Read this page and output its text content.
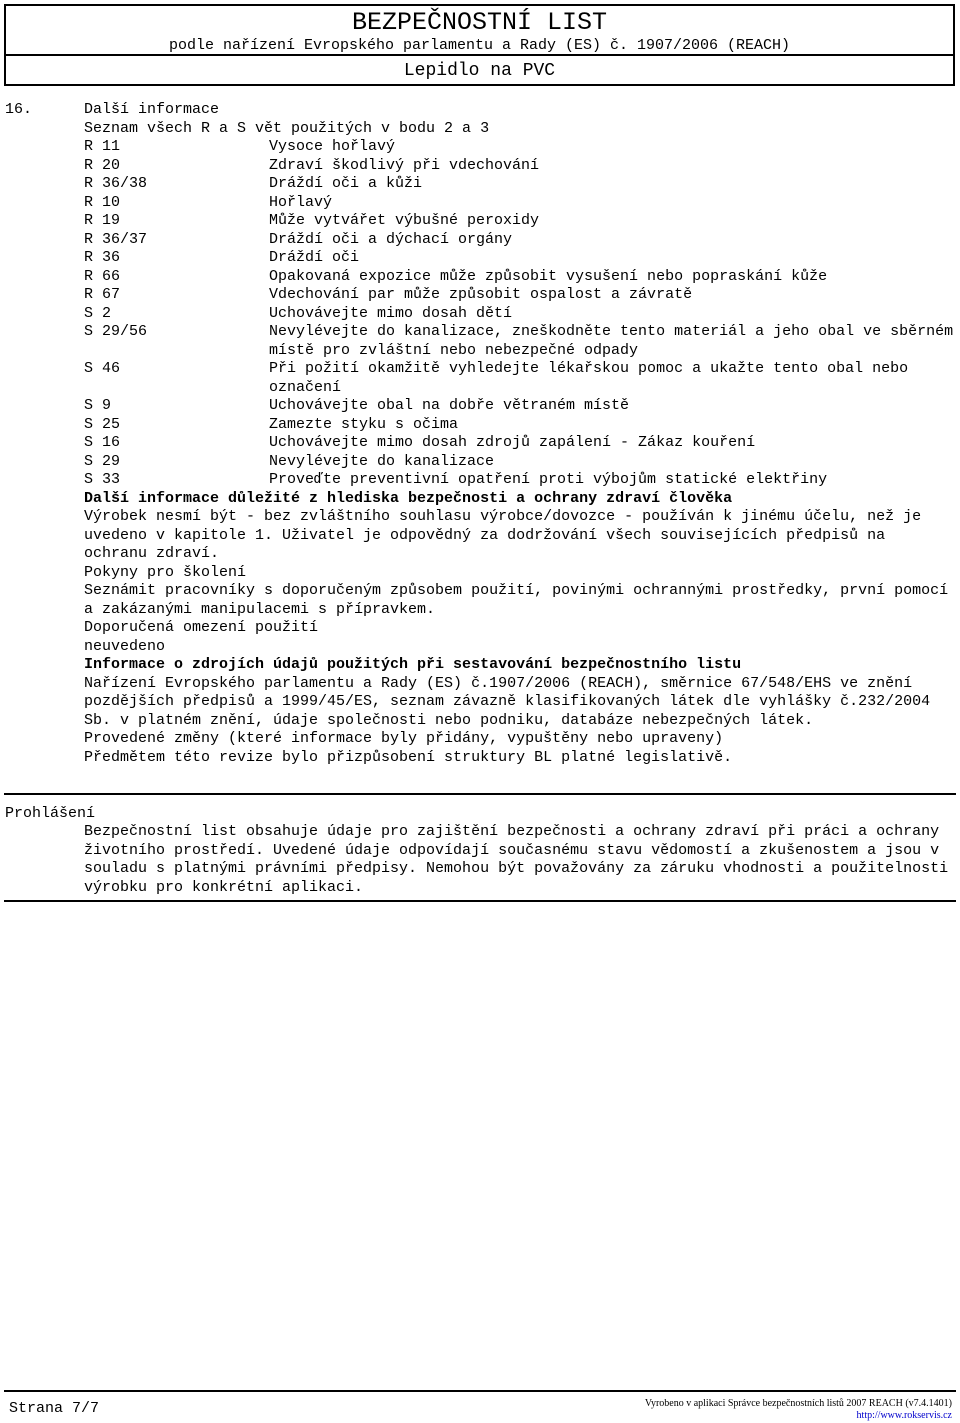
BEZPEČNOSTNÍ LIST
podle nařízení Evropského parlamentu a Rady (ES) č. 1907/2006 (REACH)
Lepidlo na PVC
16.	Další informace
Seznam všech R a S vět použitých v bodu 2 a 3
R 11	Vysoce hořlavý
R 20	Zdraví škodlivý při vdechování
R 36/38	Dráždí oči a kůži
R 10	Hořlavý
R 19	Může vytvářet výbušné peroxidy
R 36/37	Dráždí oči a dýchací orgány
R 36	Dráždí oči
R 66	Opakovaná expozice může způsobit vysušení nebo popraskání kůže
R 67	Vdechování par může způsobit ospalost a závratě
S 2	Uchovávejte mimo dosah dětí
S 29/56	Nevylévejte do kanalizace, zneškodněte tento materiál a jeho obal ve sběrném místě pro zvláštní nebo nebezpečné odpady
S 46	Při požití okamžitě vyhledejte lékařskou pomoc a ukažte tento obal nebo označení
S 9	Uchovávejte obal na dobře větraném místě
S 25	Zamezte styku s očima
S 16	Uchovávejte mimo dosah zdrojů zapálení - Zákaz kouření
S 29	Nevylévejte do kanalizace
S 33	Proveďte preventivní opatření proti výbojům statické elektřiny
Další informace důležité z hlediska bezpečnosti a ochrany zdraví člověka
Výrobek nesmí být - bez zvláštního souhlasu výrobce/dovozce - používán k jinému účelu, než je uvedeno v kapitole 1. Uživatel je odpovědný za dodržování všech souvisejících předpisů na ochranu zdraví.
Pokyny pro školení
Seznámit pracovníky s doporučeným způsobem použití, povinými ochrannými prostředky, první pomocí a zakázanými manipulacemi s přípravkem.
Doporučená omezení použití
neuvedeno
Informace o zdrojích údajů použitých při sestavování bezpečnostního listu
Nařízení Evropského parlamentu a Rady (ES) č.1907/2006 (REACH), směrnice 67/548/EHS ve znění pozdějších předpisů a 1999/45/ES, seznam závazně klasifikovaných látek dle vyhlášky č.232/2004 Sb. v platném znění, údaje společnosti nebo podniku, databáze nebezpečných látek.
Provedené změny (které informace byly přidány, vypuštěny nebo upraveny)
Předmětem této revize bylo přizpůsobení struktury BL platné legislativě.
Prohlášení
Bezpečnostní list obsahuje údaje pro zajištění bezpečnosti a ochrany zdraví při práci a ochrany životního prostředí. Uvedené údaje odpovídají současnému stavu vědomostí a zkušenostem a jsou v souladu s platnými právními předpisy. Nemohou být považovány za záruku vhodnosti a použitelnosti výrobku pro konkrétní aplikaci.
Strana 7/7	Vyrobeno v aplikaci Správce bezpečnostních listů 2007 REACH (v7.4.1401)
http://www.rokservis.cz
